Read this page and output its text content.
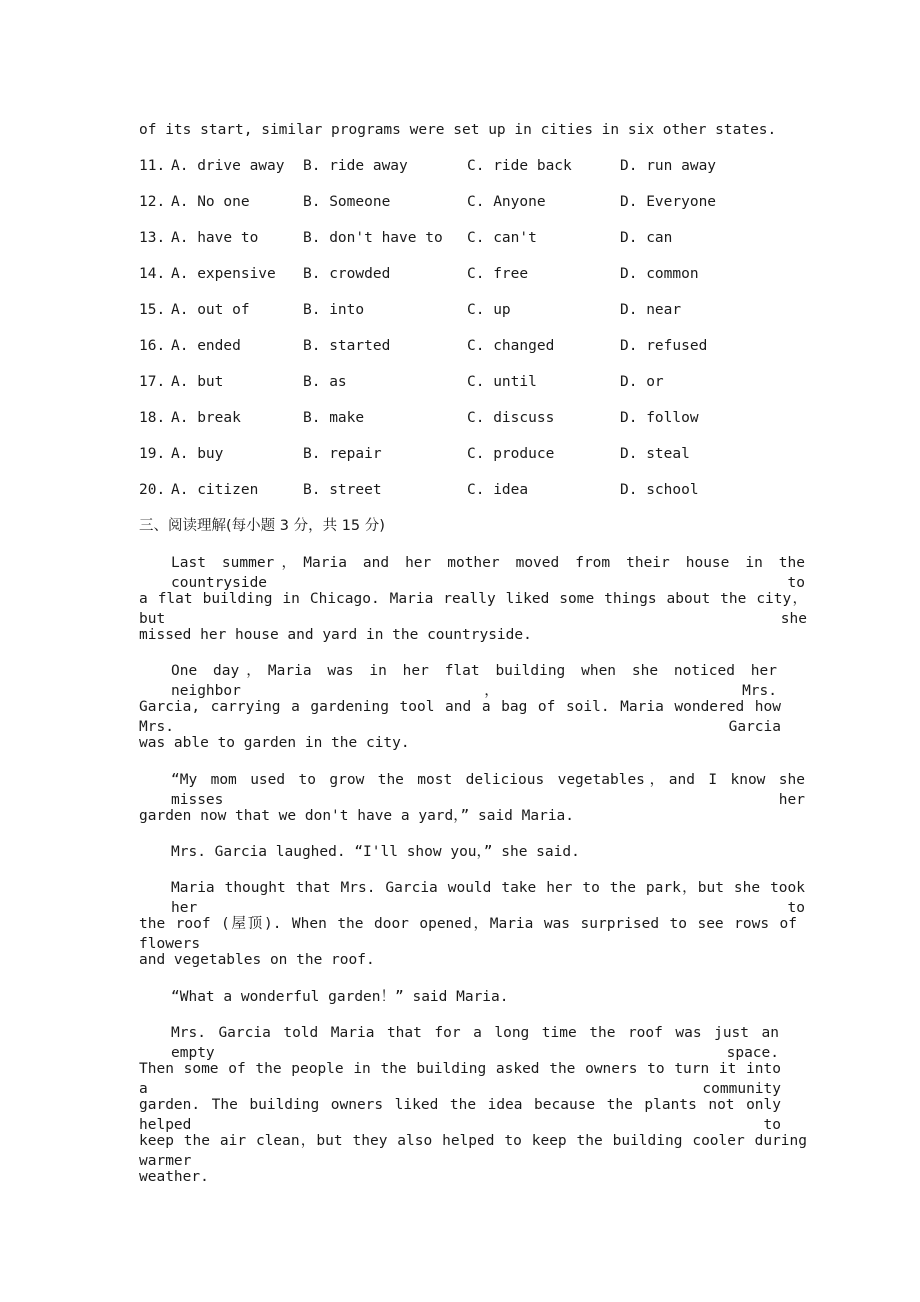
of its start, similar programs were set up in cities in six other states.
11. A. drive away B. ride away	C. ride back	D. run away
12. A. No one	B. Someone	C. Anyone	D. Everyone
13. A. have to	B. don't have to C. can't	D. can
14. A. expensive B. crowded	C. free	D. common
15. A. out of	B. into	C. up	D. near
16. A. ended	B. started	C. changed	D. refused
17. A. but	B. as	C. until	D. or
18. A. break	B. make	C. discuss	D. follow
19. A. buy	B. repair	C. produce	D. steal
20. A. citizen	B. street	C. idea	D. school
三、阅读理解(每小题 3 分，共 15 分)
Last summer，Maria and her mother moved from their house in the countryside to
a flat building in Chicago. Maria really liked some things about the city，but she
missed her house and yard in the countryside.
One day，Maria was in her flat building when she noticed her neighbor，Mrs.
Garcia, carrying a gardening tool and a bag of soil. Maria wondered how Mrs. Garcia
was able to garden in the city.
“My mom used to grow the most delicious vegetables，and I know she misses her
garden now that we don't have a yard，” said Maria.
Mrs. Garcia laughed. “I'll show you，” she said.
Maria thought that Mrs. Garcia would take her to the park，but she took her to
the roof (屋顶). When the door opened，Maria was surprised to see rows of flowers
and vegetables on the roof.
“What a wonderful garden！” said Maria.
Mrs. Garcia told Maria that for a long time the roof was just an empty space.
Then some of the people in the building asked the owners to turn it into a community
garden. The building owners liked the idea because the plants not only helped to
keep the air clean，but they also helped to keep the building cooler during warmer
weather.
